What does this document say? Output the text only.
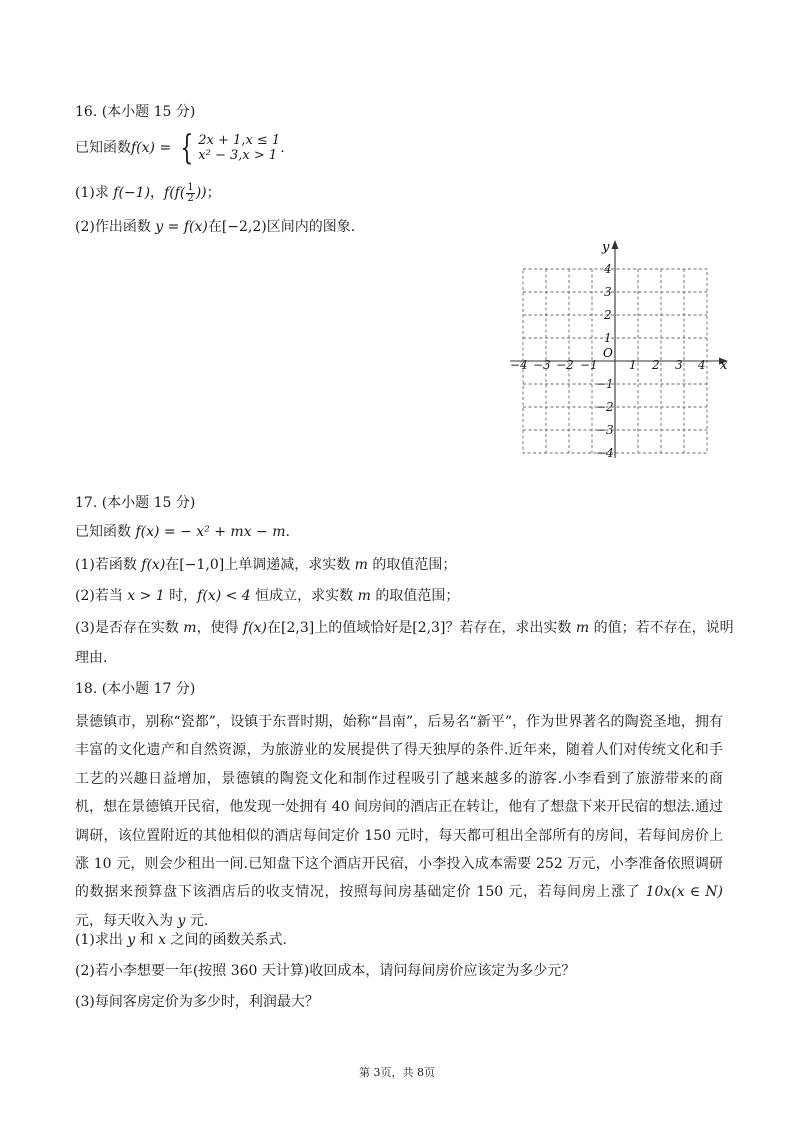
16. (本小题 15 分)
已知函数 f(x) = { 2x + 1,x ≤ 1
x² − 3,x > 1 .
(1)求 f(−1) ， $f(f( \frac{1}{2}$ )) ；
(2)作出函数 y = f(x)在[−2,2)区间内的图象.
x
y
O
−4 −3 −2 −1	1 2 3 4
4
3
2
1
−1
−2
−3
−4
17. (本小题 15 分)
已知函数 f(x) = − x² + mx − m.
(1)若函数 f(x)在[−1,0]上单调递减，求实数 m 的取值范围；
(2)若当 x > 1 时，f(x) < 4 恒成立，求实数 m 的取值范围；
(3)是否存在实数 m，使得 f(x)在[2,3]上的值域恰好是[2,3]？若存在，求出实数 m 的值；若不存在，说明
理由.
18. (本小题 17 分)
景德镇市，别称“瓷都”，设镇于东晋时期，始称“昌南”，后易名“新平”，作为世界著名的陶瓷圣地，拥有丰富的文化遗产和自然资源，为旅游业的发展提供了得天独厚的条件.近年来，随着人们对传统文化和手工艺的兴趣日益增加，景德镇的陶瓷文化和制作过程吸引了越来越多的游客.小李看到了旅游带来的商机，想在景德镇开民宿，他发现一处拥有 40 间房间的酒店正在转让，他有了想盘下来开民宿的想法.通过调研，该位置附近的其他相似的酒店每间定价 150 元时，每天都可租出全部所有的房间，若每间房价上涨 10 元，则会少租出一间.已知盘下这个酒店开民宿，小李投入成本需要 252 万元，小李准备依照调研的数据来预算盘下该酒店后的收支情况，按照每间房基础定价 150 元，若每间房上涨了 10x(x ∈ N)元，每天收入为 y 元.
(1)求出 y 和 x 之间的函数关系式.
(2)若小李想要一年(按照 360 天计算)收回成本，请问每间房价应该定为多少元？
(3)每间客房定价为多少时，利润最大？
第 3页，共 8页
